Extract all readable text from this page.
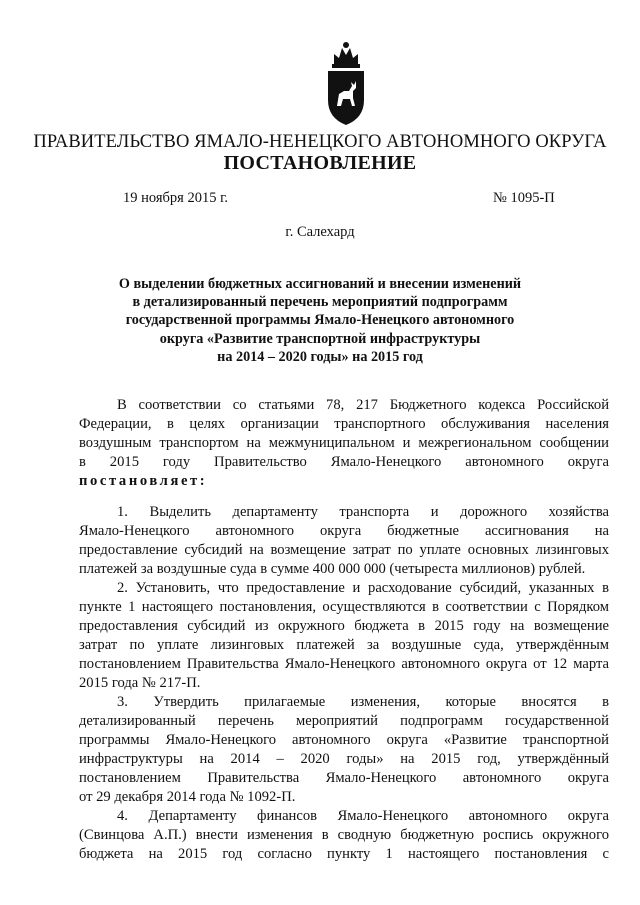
ПРАВИТЕЛЬСТВО ЯМАЛО-НЕНЕЦКОГО АВТОНОМНОГО ОКРУГА
ПОСТАНОВЛЕНИЕ
19 ноября 2015 г.	№ 1095-П
г. Салехард
О выделении бюджетных ассигнований и внесении изменений
в детализированный перечень мероприятий подпрограмм
государственной программы Ямало-Ненецкого автономного
округа «Развитие транспортной инфраструктуры
на 2014 – 2020 годы» на 2015 год
В соответствии со статьями 78, 217 Бюджетного кодекса Российской
Федерации, в целях организации транспортного обслуживания населения
воздушным транспортом на межмуниципальном и межрегиональном сообщении
в 2015 году Правительство Ямало-Ненецкого автономного округа
постановляет:
1. Выделить департаменту транспорта и дорожного хозяйства
Ямало-Ненецкого автономного округа бюджетные ассигнования на
предоставление субсидий на возмещение затрат по уплате основных лизинговых
платежей за воздушные суда в сумме 400 000 000 (четыреста миллионов) рублей.
2. Установить, что предоставление и расходование субсидий, указанных в
пункте 1 настоящего постановления, осуществляются в соответствии с Порядком
предоставления субсидий из окружного бюджета в 2015 году на возмещение
затрат по уплате лизинговых платежей за воздушные суда, утверждённым
постановлением Правительства Ямало-Ненецкого автономного округа от 12 марта
2015 года № 217-П.
3. Утвердить прилагаемые изменения, которые вносятся в
детализированный перечень мероприятий подпрограмм государственной
программы Ямало-Ненецкого автономного округа «Развитие транспортной
инфраструктуры на 2014 – 2020 годы» на 2015 год, утверждённый
постановлением Правительства Ямало-Ненецкого автономного округа
от 29 декабря 2014 года № 1092-П.
4. Департаменту финансов Ямало-Ненецкого автономного округа
(Свинцова А.П.) внести изменения в сводную бюджетную роспись окружного
бюджета на 2015 год согласно пункту 1 настоящего постановления с
